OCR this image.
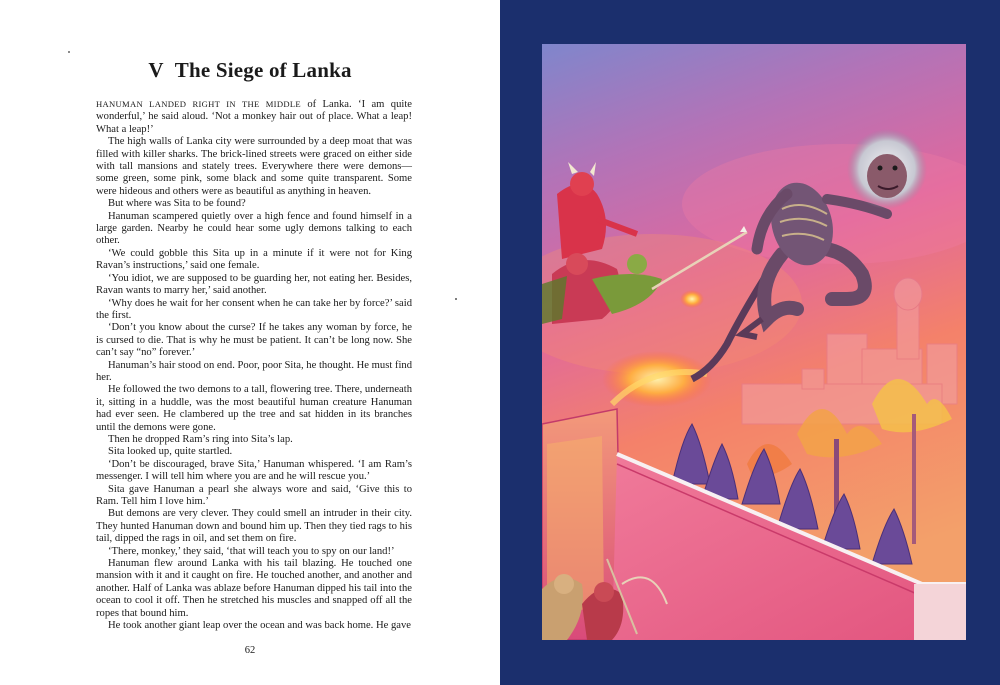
V The Siege of Lanka

HANUMAN LANDED RIGHT IN THE MIDDLE of Lanka. ‘I am quite wonderful,’ he said aloud. ‘Not a monkey hair out of place. What a leap! What a leap!’

The high walls of Lanka city were surrounded by a deep moat that was filled with killer sharks. The brick-lined streets were graced on either side with tall mansions and stately trees. Everywhere there were demons—some green, some pink, some black and some quite transparent. Some were hideous and others were as beautiful as anything in heaven.

But where was Sita to be found?

Hanuman scampered quietly over a high fence and found himself in a large garden. Nearby he could hear some ugly demons talking to each other.

‘We could gobble this Sita up in a minute if it were not for King Ravan’s instructions,’ said one female.

‘You idiot, we are supposed to be guarding her, not eating her. Besides, Ravan wants to marry her,’ said another.

‘Why does he wait for her consent when he can take her by force?’ said the first.

‘Don’t you know about the curse? If he takes any woman by force, he is cursed to die. That is why he must be patient. It can’t be long now. She can’t say “no” forever.’

Hanuman’s hair stood on end. Poor, poor Sita, he thought. He must find her.

He followed the two demons to a tall, flowering tree. There, underneath it, sitting in a huddle, was the most beautiful human creature Hanuman had ever seen. He clambered up the tree and sat hidden in its branches until the demons were gone.

Then he dropped Ram’s ring into Sita’s lap.

Sita looked up, quite startled.

‘Don’t be discouraged, brave Sita,’ Hanuman whispered. ‘I am Ram’s messenger. I will tell him where you are and he will rescue you.’

Sita gave Hanuman a pearl she always wore and said, ‘Give this to Ram. Tell him I love him.’

But demons are very clever. They could smell an intruder in their city. They hunted Hanuman down and bound him up. Then they tied rags to his tail, dipped the rags in oil, and set them on fire.

‘There, monkey,’ they said, ‘that will teach you to spy on our land!’

Hanuman flew around Lanka with his tail blazing. He touched one mansion with it and it caught on fire. He touched another, and another and another. Half of Lanka was ablaze before Hanuman dipped his tail into the ocean to cool it off. Then he stretched his muscles and snapped off all the ropes that bound him.

He took another giant leap over the ocean and was back home. He gave

62
